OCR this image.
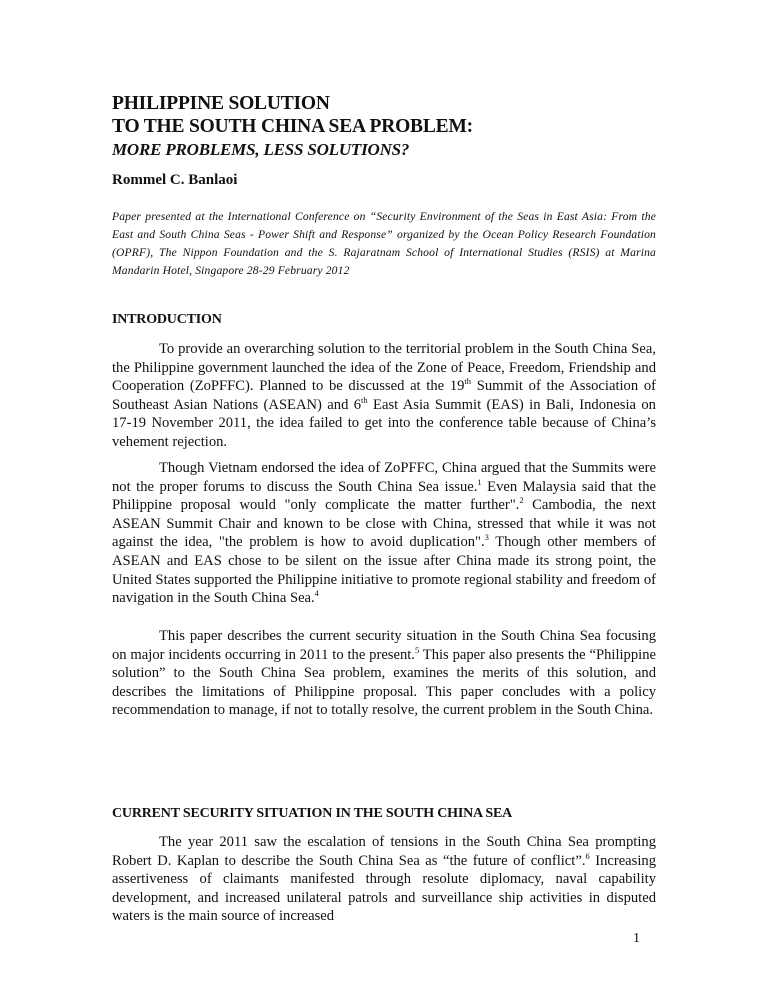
PHILIPPINE SOLUTION
TO THE SOUTH CHINA SEA PROBLEM:
MORE PROBLEMS, LESS SOLUTIONS?
Rommel C. Banlaoi
Paper presented at the International Conference on “Security Environment of the Seas in East Asia: From the East and South China Seas - Power Shift and Response” organized by the Ocean Policy Research Foundation (OPRF), The Nippon Foundation and the S. Rajaratnam School of International Studies (RSIS) at Marina Mandarin Hotel, Singapore 28-29 February 2012
INTRODUCTION

To provide an overarching solution to the territorial problem in the South China Sea, the Philippine government launched the idea of the Zone of Peace, Freedom, Friendship and Cooperation (ZoPFFC). Planned to be discussed at the 19th Summit of the Association of Southeast Asian Nations (ASEAN) and 6th East Asia Summit (EAS) in Bali, Indonesia on 17-19 November 2011, the idea failed to get into the conference table because of China’s vehement rejection.

Though Vietnam endorsed the idea of ZoPFFC, China argued that the Summits were not the proper forums to discuss the South China Sea issue.$^1$ Even Malaysia said that the Philippine proposal would "only complicate the matter further".$^2$ Cambodia, the next ASEAN Summit Chair and known to be close with China, stressed that while it was not against the idea, "the problem is how to avoid duplication".$^3$ Though other members of ASEAN and EAS chose to be silent on the issue after China made its strong point, the United States supported the Philippine initiative to promote regional stability and freedom of navigation in the South China Sea.$^4$

This paper describes the current security situation in the South China Sea focusing on major incidents occurring in 2011 to the present.$^5$ This paper also presents the “Philippine solution” to the South China Sea problem, examines the merits of this solution, and describes the limitations of Philippine proposal. This paper concludes with a policy recommendation to manage, if not to totally resolve, the current problem in the South China.

CURRENT SECURITY SITUATION IN THE SOUTH CHINA SEA

The year 2011 saw the escalation of tensions in the South China Sea prompting Robert D. Kaplan to describe the South China Sea as “the future of conflict”.$^6$ Increasing assertiveness of claimants manifested through resolute diplomacy, naval capability development, and increased unilateral patrols and surveillance ship activities in disputed waters is the main source of increased

1
